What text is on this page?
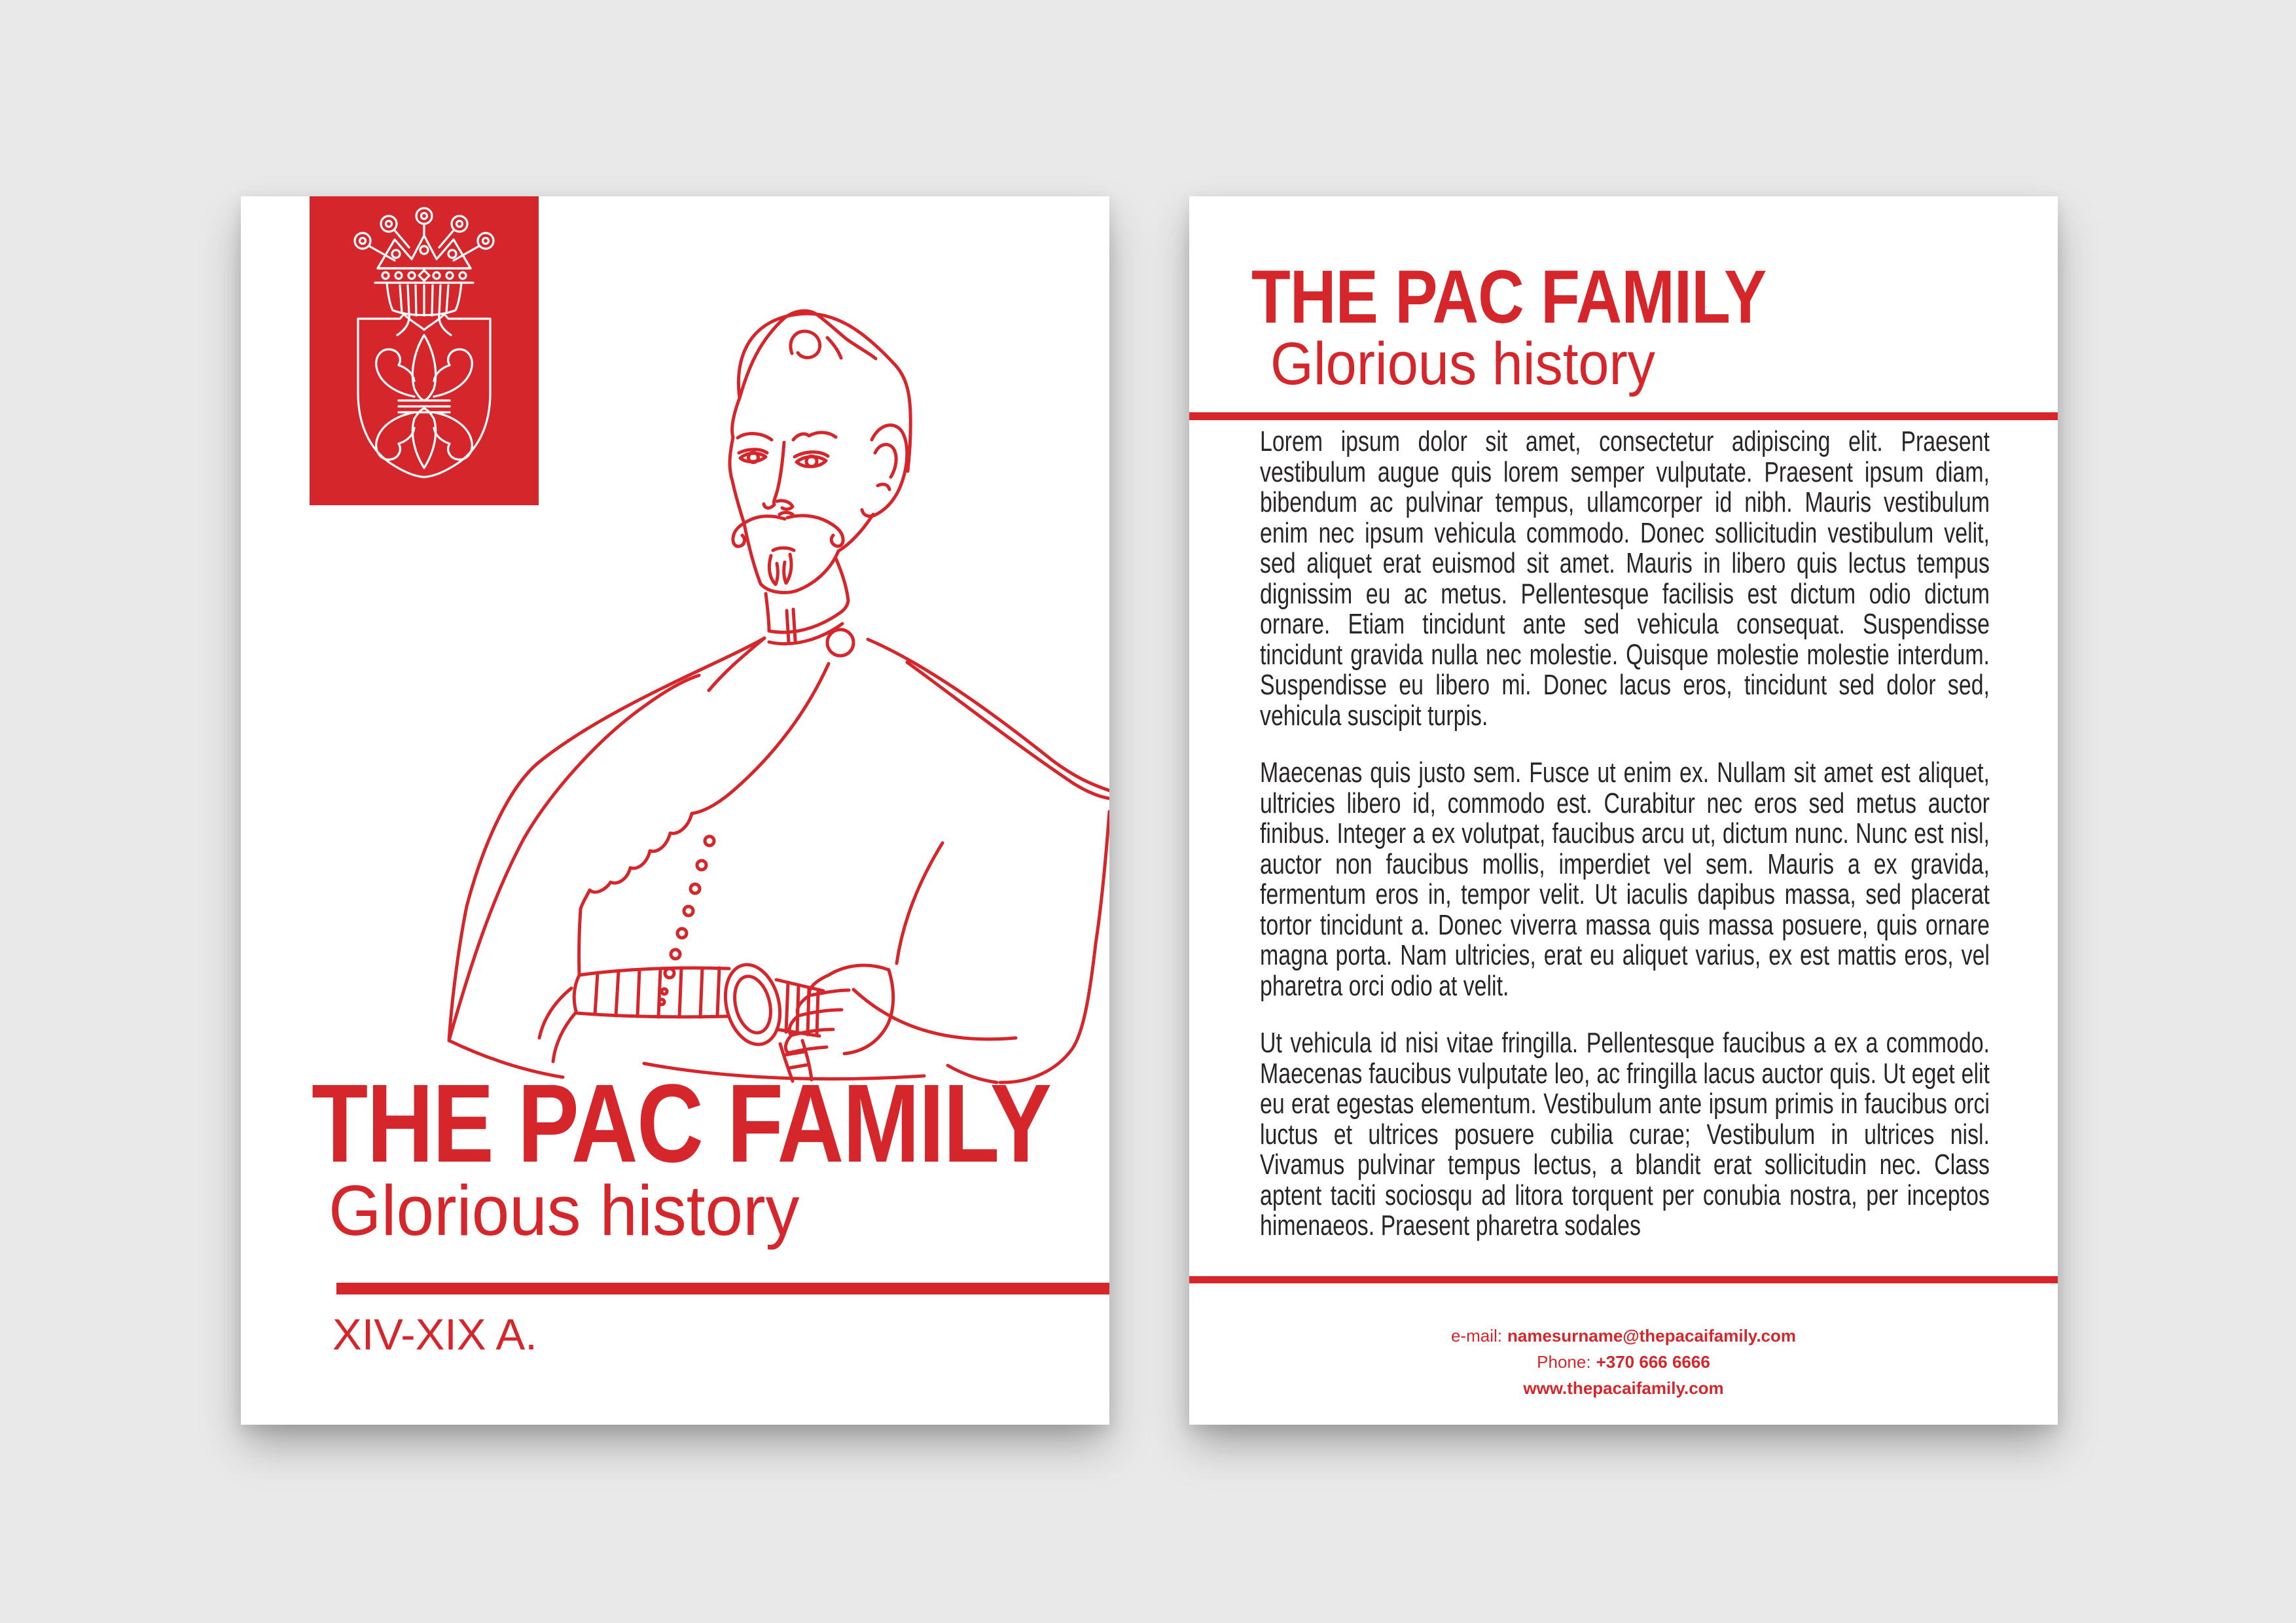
THE PAC FAMILY
Glorious history
XIV-XIX A.
THE PAC FAMILY
Glorious history

Lorem ipsum dolor sit amet, consectetur adipiscing elit. Praesent vestibulum augue quis lorem semper vulputate. Praesent ipsum diam, bibendum ac pulvinar tempus, ullamcorper id nibh. Mauris vestibulum enim nec ipsum vehicula commodo. Donec sollicitudin vestibulum velit, sed aliquet erat euismod sit amet. Mauris in libero quis lectus tempus dignissim eu ac metus. Pellentesque facilisis est dictum odio dictum ornare. Etiam tincidunt ante sed vehicula consequat. Suspendisse tincidunt gravida nulla nec molestie. Quisque molestie molestie interdum. Suspendisse eu libero mi. Donec lacus eros, tincidunt sed dolor sed, vehicula suscipit turpis.

Maecenas quis justo sem. Fusce ut enim ex. Nullam sit amet est aliquet, ultricies libero id, commodo est. Curabitur nec eros sed metus auctor finibus. Integer a ex volutpat, faucibus arcu ut, dictum nunc. Nunc est nisl, auctor non faucibus mollis, imperdiet vel sem. Mauris a ex gravida, fermentum eros in, tempor velit. Ut iaculis dapibus massa, sed placerat tortor tincidunt a. Donec viverra massa quis massa posuere, quis ornare magna porta. Nam ultricies, erat eu aliquet varius, ex est mattis eros, vel pharetra orci odio at velit.

Ut vehicula id nisi vitae fringilla. Pellentesque faucibus a ex a commodo. Maecenas faucibus vulputate leo, ac fringilla lacus auctor quis. Ut eget elit eu erat egestas elementum. Vestibulum ante ipsum primis in faucibus orci luctus et ultrices posuere cubilia curae; Vestibulum in ultrices nisl. Vivamus pulvinar tempus lectus, a blandit erat sollicitudin nec. Class aptent taciti sociosqu ad litora torquent per conubia nostra, per inceptos himenaeos. Praesent pharetra sodales

e-mail: namesurname@thepacaifamily.com
Phone: +370 666 6666
www.thepacaifamily.com
